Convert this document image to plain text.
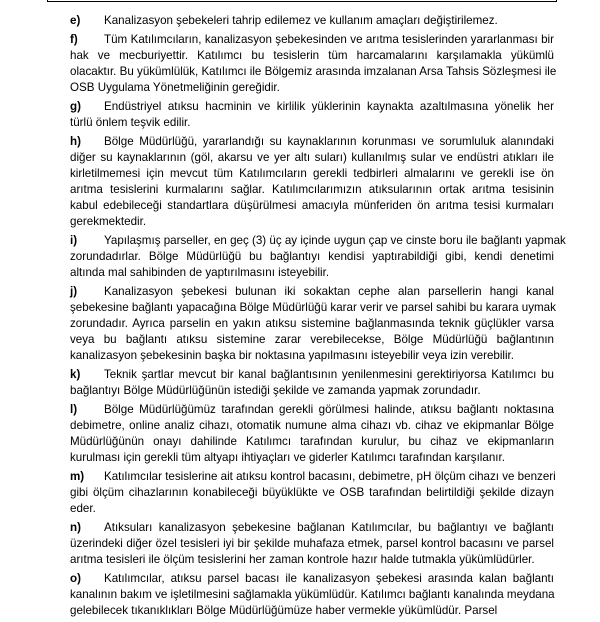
e) Kanalizasyon şebekeleri tahrip edilemez ve kullanım amaçları değiştirilemez.
f) Tüm Katılımcıların, kanalizasyon şebekesinden ve arıtma tesislerinden yararlanması bir
hak ve mecburiyettir. Katılımcı bu tesislerin tüm harcamalarını karşılamakla yükümlü
olacaktır. Bu yükümlülük, Katılımcı ile Bölgemiz arasında imzalanan Arsa Tahsis Sözleşmesi ile
OSB Uygulama Yönetmeliğinin gereğidir.
g) Endüstriyel atıksu hacminin ve kirlilik yüklerinin kaynakta azaltılmasına yönelik her
türlü önlem teşvik edilir.
h) Bölge Müdürlüğü, yararlandığı su kaynaklarının korunması ve sorumluluk alanındaki
diğer su kaynaklarının (göl, akarsu ve yer altı suları) kullanılmış sular ve endüstri atıkları ile
kirletilmemesi için mevcut tüm Katılımcıların gerekli tedbirleri almalarını ve gerekli ise ön
arıtma tesislerini kurmalarını sağlar. Katılımcılarımızın atıksularının ortak arıtma tesisinin
kabul edebileceği standartlara düşürülmesi amacıyla münferiden ön arıtma tesisi kurmaları
gerekmektedir.
i) Yapılaşmış parseller, en geç (3) üç ay içinde uygun çap ve cinste boru ile bağlantı yapmak
zorundadırlar. Bölge Müdürlüğü bu bağlantıyı kendisi yaptırabildiği gibi, kendi denetimi
altında mal sahibinden de yaptırılmasını isteyebilir.
j) Kanalizasyon şebekesi bulunan iki sokaktan cephe alan parsellerin hangi kanal
şebekesine bağlantı yapacağına Bölge Müdürlüğü karar verir ve parsel sahibi bu karara uymak
zorundadır. Ayrıca parselin en yakın atıksu sistemine bağlanmasında teknik güçlükler varsa
veya bu bağlantı atıksu sistemine zarar verebilecekse, Bölge Müdürlüğü bağlantının
kanalizasyon şebekesinin başka bir noktasına yapılmasını isteyebilir veya izin verebilir.
k) Teknik şartlar mevcut bir kanal bağlantısının yenilenmesini gerektiriyorsa Katılımcı bu
bağlantıyı Bölge Müdürlüğünün istediği şekilde ve zamanda yapmak zorundadır.
l) Bölge Müdürlüğümüz tarafından gerekli görülmesi halinde, atıksu bağlantı noktasına
debimetre, online analiz cihazı, otomatik numune alma cihazı vb. cihaz ve ekipmanlar Bölge
Müdürlüğünün onayı dahilinde Katılımcı tarafından kurulur, bu cihaz ve ekipmanların
kurulması için gerekli tüm altyapı ihtiyaçları ve giderler Katılımcı tarafından karşılanır.
m) Katılımcılar tesislerine ait atıksu kontrol bacasını, debimetre, pH ölçüm cihazı ve benzeri
gibi ölçüm cihazlarının konabileceği büyüklükte ve OSB tarafından belirtildiği şekilde dizayn
eder.
n) Atıksuları kanalizasyon şebekesine bağlanan Katılımcılar, bu bağlantıyı ve bağlantı
üzerindeki diğer özel tesisleri iyi bir şekilde muhafaza etmek, parsel kontrol bacasını ve parsel
arıtma tesisleri ile ölçüm tesislerini her zaman kontrole hazır halde tutmakla yükümlüdürler.
o) Katılımcılar, atıksu parsel bacası ile kanalizasyon şebekesi arasında kalan bağlantı
kanalının bakım ve işletilmesini sağlamakla yükümlüdür. Katılımcı bağlantı kanalında meydana
gelebilecek tıkanıklıkları Bölge Müdürlüğümüze haber vermekle yükümlüdür. Parsel
